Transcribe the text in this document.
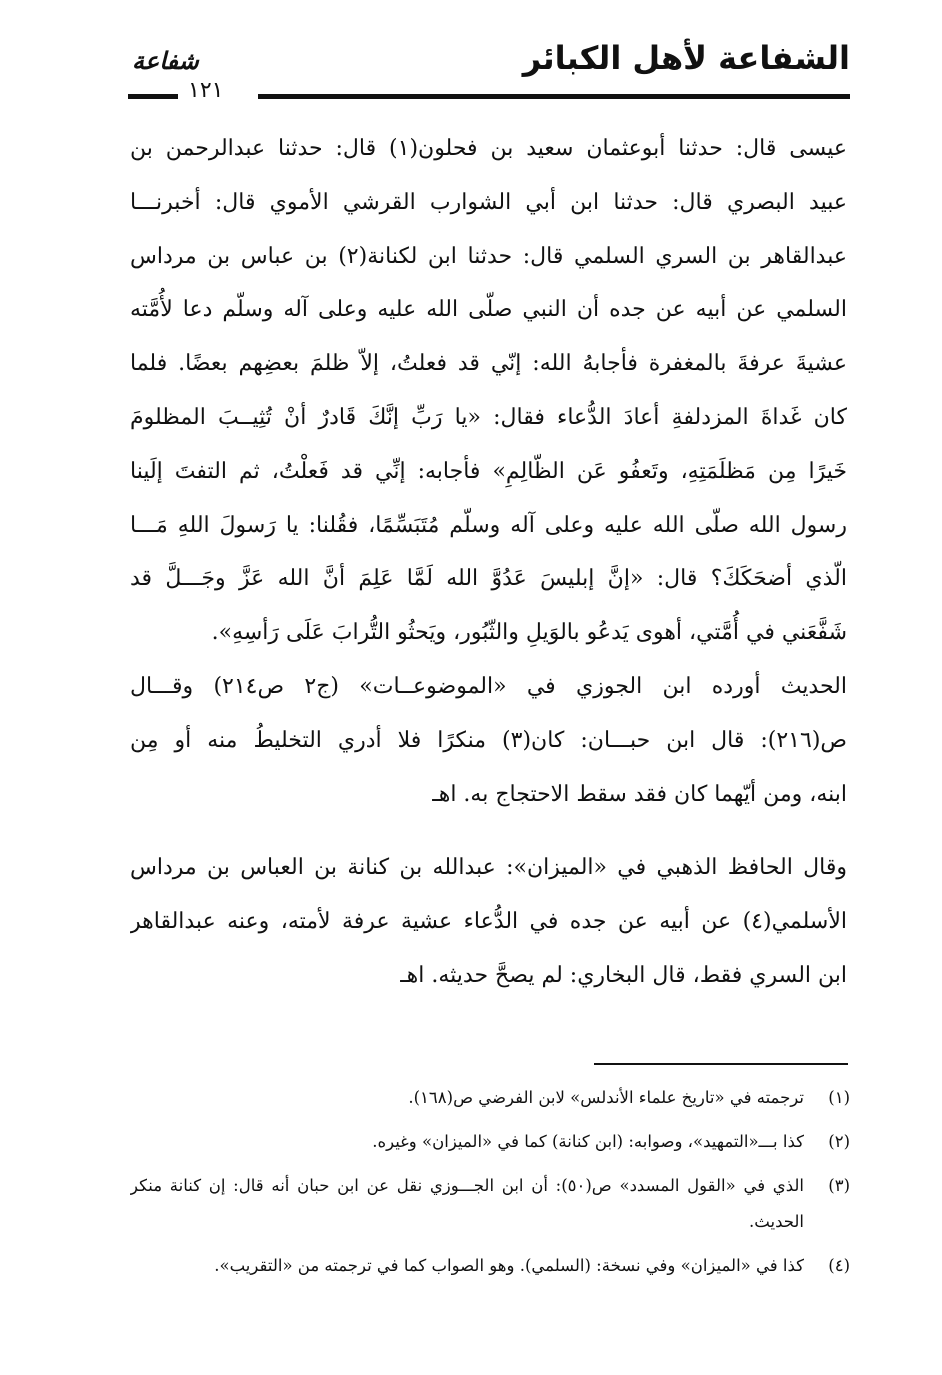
الشفاعة لأهل الكبائر
شفاعة
١٢١
عيسى قال: حدثنا أبوعثمان سعيد بن فحلون(١) قال: حدثنا عبدالرحمن بن
عبيد البصري قال: حدثنا ابن أبي الشوارب القرشي الأموي قال: أخبرنـــا
عبدالقاهر بن السري السلمي قال: حدثنا ابن لكنانة(٢) بن عباس بن مرداس
السلمي عن أبيه عن جده أن النبي صلّى الله عليه وعلى آله وسلّم دعا لأُمَّته
عشيةَ عرفةَ بالمغفرة فأجابهُ الله: إنّي قد فعلتُ، إلاّ ظلمَ بعضِهم بعضًا. فلما
كان غَداةَ المزدلفةِ أعادَ الدُّعاء فقال: «يا رَبِّ إنَّكَ قَادرٌ أنْ تُثِيــبَ المظلومَ
خَيرًا مِن مَظلَمَتِهِ، وتَعفُو عَن الظّالِمِ» فأجابه: إنِّي قد فَعلْتُ، ثم التفتَ إلَينا
رسول الله صلّى الله عليه وعلى آله وسلّم مُتَبَسِّمًا، فقُلنا: يا رَسولَ اللهِ مَـــا
الّذي أضحَكَكَ؟ قال: «إنَّ إبليسَ عَدُوَّ الله لَمَّا عَلِمَ أنَّ الله عَزَّ وجَـــلَّ قد
شَفَّعَني في أُمَّتي، أهوى يَدعُو بالوَيلِ والثّبُور، ويَحثُو التُّرابَ عَلَى رَأسِهِ».
الحديث أورده ابن الجوزي في «الموضوعــات» (ج٢ ص٢١٤) وقـــال
ص(٢١٦): قال ابن حبـــان: كان(٣) منكرًا فلا أدري التخليطُ منه أو مِن
ابنه، ومن أيّهما كان فقد سقط الاحتجاج به. اهـ
وقال الحافظ الذهبي في «الميزان»: عبدالله بن كنانة بن العباس بن مرداس
الأسلمي(٤) عن أبيه عن جده في الدُّعاء عشية عرفة لأمته، وعنه عبدالقاهر
ابن السري فقط، قال البخاري: لم يصحَّ حديثه. اهـ
(١)
ترجمته في «تاريخ علماء الأندلس» لابن الفرضي ص(١٦٨).
(٢)
كذا بـــ«التمهيد»، وصوابه: (ابن كنانة) كما في «الميزان» وغيره.
(٣)
الذي في «القول المسدد» ص(٥٠): أن ابن الجـــوزي نقل عن ابن حبان أنه قال: إن كنانة منكر الحديث.
(٤)
كذا في «الميزان» وفي نسخة: (السلمي). وهو الصواب كما في ترجمته من «التقريب».
